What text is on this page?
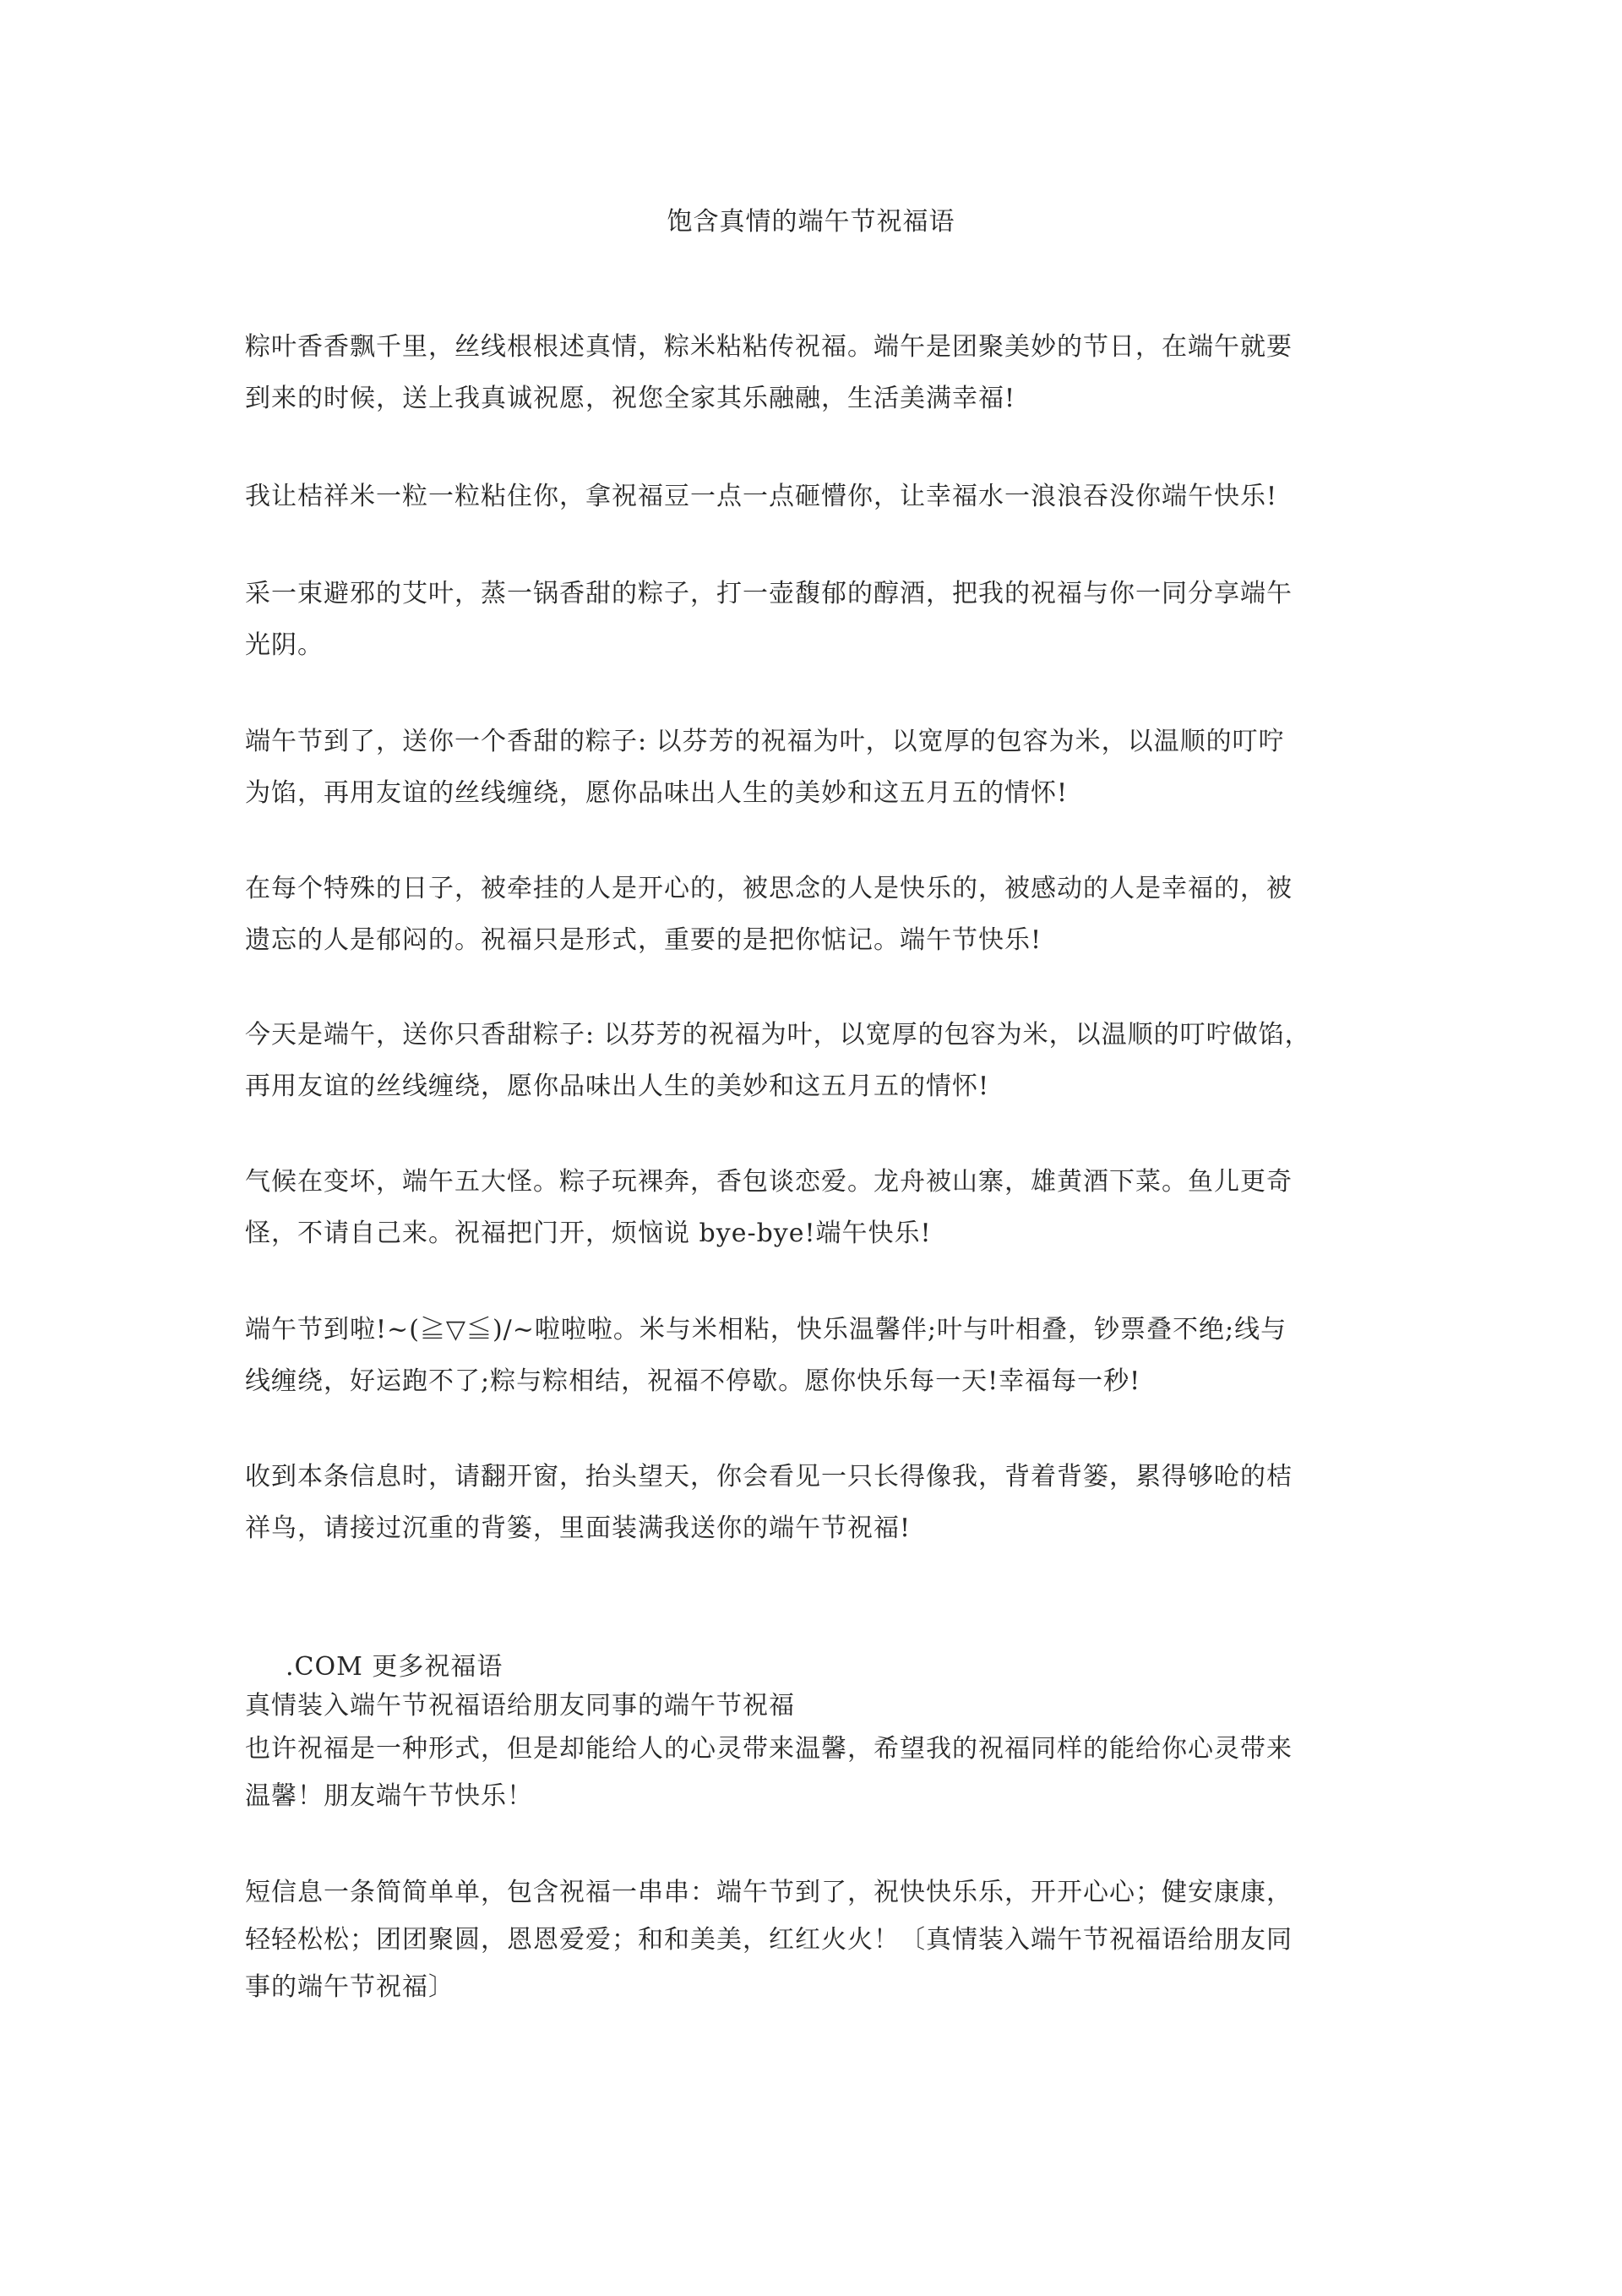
饱含真情的端午节祝福语
粽叶香香飘千里，丝线根根述真情，粽米粘粘传祝福。端午是团聚美妙的节日，在端午就要
到来的时候，送上我真诚祝愿，祝您全家其乐融融，生活美满幸福!
我让桔祥米一粒一粒粘住你，拿祝福豆一点一点砸懵你，让幸福水一浪浪吞没你端午快乐!
采一束避邪的艾叶，蒸一锅香甜的粽子，打一壶馥郁的醇酒，把我的祝福与你一同分享端午
光阴。
端午节到了，送你一个香甜的粽子: 以芬芳的祝福为叶，以宽厚的包容为米，以温顺的叮咛
为馅，再用友谊的丝线缠绕，愿你品味出人生的美妙和这五月五的情怀!
在每个特殊的日子，被牵挂的人是开心的，被思念的人是快乐的，被感动的人是幸福的，被
遗忘的人是郁闷的。祝福只是形式，重要的是把你惦记。端午节快乐!
今天是端午，送你只香甜粽子: 以芬芳的祝福为叶，以宽厚的包容为米，以温顺的叮咛做馅，
再用友谊的丝线缠绕，愿你品味出人生的美妙和这五月五的情怀!
气候在变坏，端午五大怪。粽子玩裸奔，香包谈恋爱。龙舟被山寨，雄黄酒下菜。鱼儿更奇
怪，不请自己来。祝福把门开，烦恼说 bye-bye!端午快乐!
端午节到啦!~(≧▽≦)/~啦啦啦。米与米相粘，快乐温馨伴;叶与叶相叠，钞票叠不绝;线与
线缠绕，好运跑不了;粽与粽相结，祝福不停歇。愿你快乐每一天!幸福每一秒!
收到本条信息时，请翻开窗，抬头望天，你会看见一只长得像我，背着背篓，累得够呛的桔
祥鸟，请接过沉重的背篓，里面装满我送你的端午节祝福!
.COM 更多祝福语
真情装入端午节祝福语给朋友同事的端午节祝福
也许祝福是一种形式，但是却能给人的心灵带来温馨，希望我的祝福同样的能给你心灵带来
温馨！朋友端午节快乐！
短信息一条简简单单，包含祝福一串串：端午节到了，祝快快乐乐，开开心心；健安康康，
轻轻松松；团团聚圆，恩恩爱爱；和和美美，红红火火！〔真情装入端午节祝福语给朋友同
事的端午节祝福〕
